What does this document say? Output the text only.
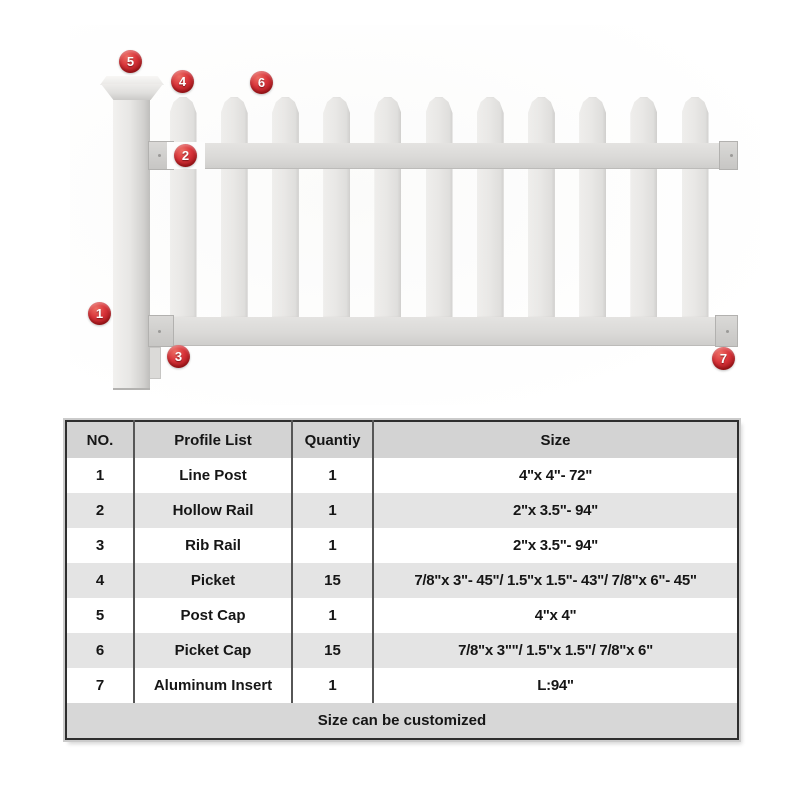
1
2
3
4
5
6
7
NO.	Profile List	Quantiy	Size
1	Line Post	1	4"x 4"- 72"
2	Hollow Rail	1	2"x 3.5"- 94"
3	Rib Rail	1	2"x 3.5"- 94"
4	Picket	15	7/8"x 3"- 45"/ 1.5"x 1.5"- 43"/ 7/8"x 6"- 45"
5	Post Cap	1	4"x 4"
6	Picket Cap	15	7/8"x 3""/ 1.5"x 1.5"/ 7/8"x 6"
7	Aluminum Insert	1	L:94"
Size can be customized			
